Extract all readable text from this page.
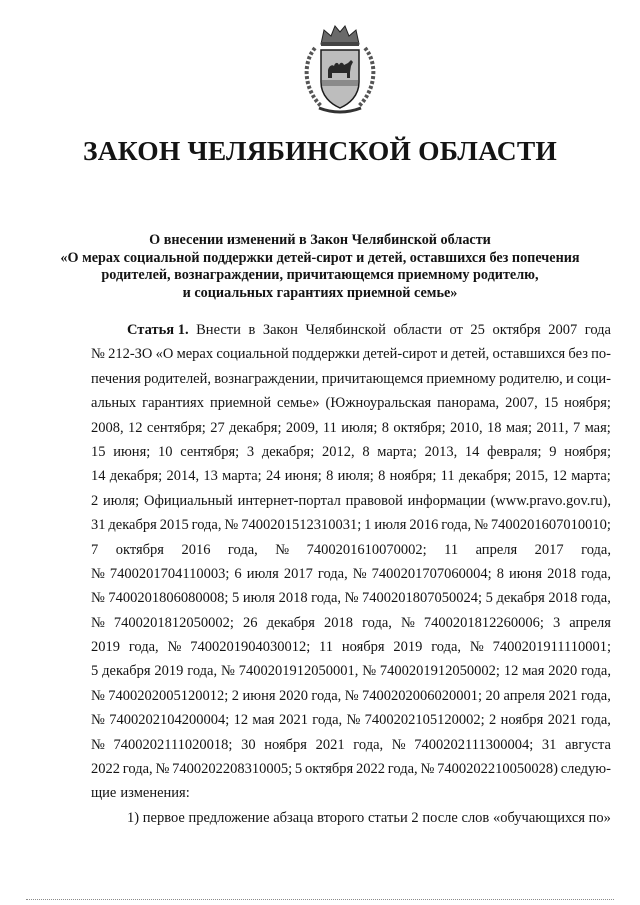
ЗАКОН ЧЕЛЯБИНСКОЙ ОБЛАСТИ
О внесении изменений в Закон Челябинской области
«О мерах социальной поддержки детей-сирот и детей, оставшихся без попечения
родителей, вознаграждении, причитающемся приемному родителю,
и социальных гарантиях приемной семье»
Статья 1. Внести в Закон Челябинской области от 25 октября 2007 года
№ 212-ЗО «О мерах социальной поддержки детей-сирот и детей, оставшихся без по-
печения родителей, вознаграждении, причитающемся приемному родителю, и соци-
альных гарантиях приемной семье» (Южноуральская панорама, 2007, 15 ноября;
2008, 12 сентября; 27 декабря; 2009, 11 июля; 8 октября; 2010, 18 мая; 2011, 7 мая;
15 июня; 10 сентября; 3 декабря; 2012, 8 марта; 2013, 14 февраля; 9 ноября;
14 декабря; 2014, 13 марта; 24 июня; 8 июля; 8 ноября; 11 декабря; 2015, 12 марта;
2 июля; Официальный интернет-портал правовой информации (www.pravo.gov.ru),
31 декабря 2015 года, № 7400201512310031; 1 июля 2016 года, № 7400201607010010;
7 октября 2016 года, № 7400201610070002; 11 апреля 2017 года,
№ 7400201704110003; 6 июля 2017 года, № 7400201707060004; 8 июня 2018 года,
№ 7400201806080008; 5 июля 2018 года, № 7400201807050024; 5 декабря 2018 года,
№ 7400201812050002; 26 декабря 2018 года, № 7400201812260006; 3 апреля
2019 года, № 7400201904030012; 11 ноября 2019 года, № 7400201911110001;
5 декабря 2019 года, № 7400201912050001, № 7400201912050002; 12 мая 2020 года,
№ 7400202005120012; 2 июня 2020 года, № 7400202006020001; 20 апреля 2021 года,
№ 7400202104200004; 12 мая 2021 года, № 7400202105120002; 2 ноября 2021 года,
№ 7400202111020018; 30 ноября 2021 года, № 7400202111300004; 31 августа
2022 года, № 7400202208310005; 5 октября 2022 года, № 7400202210050028) следую-
щие изменения:
1) первое предложение абзаца второго статьи 2 после слов «обучающихся по»
